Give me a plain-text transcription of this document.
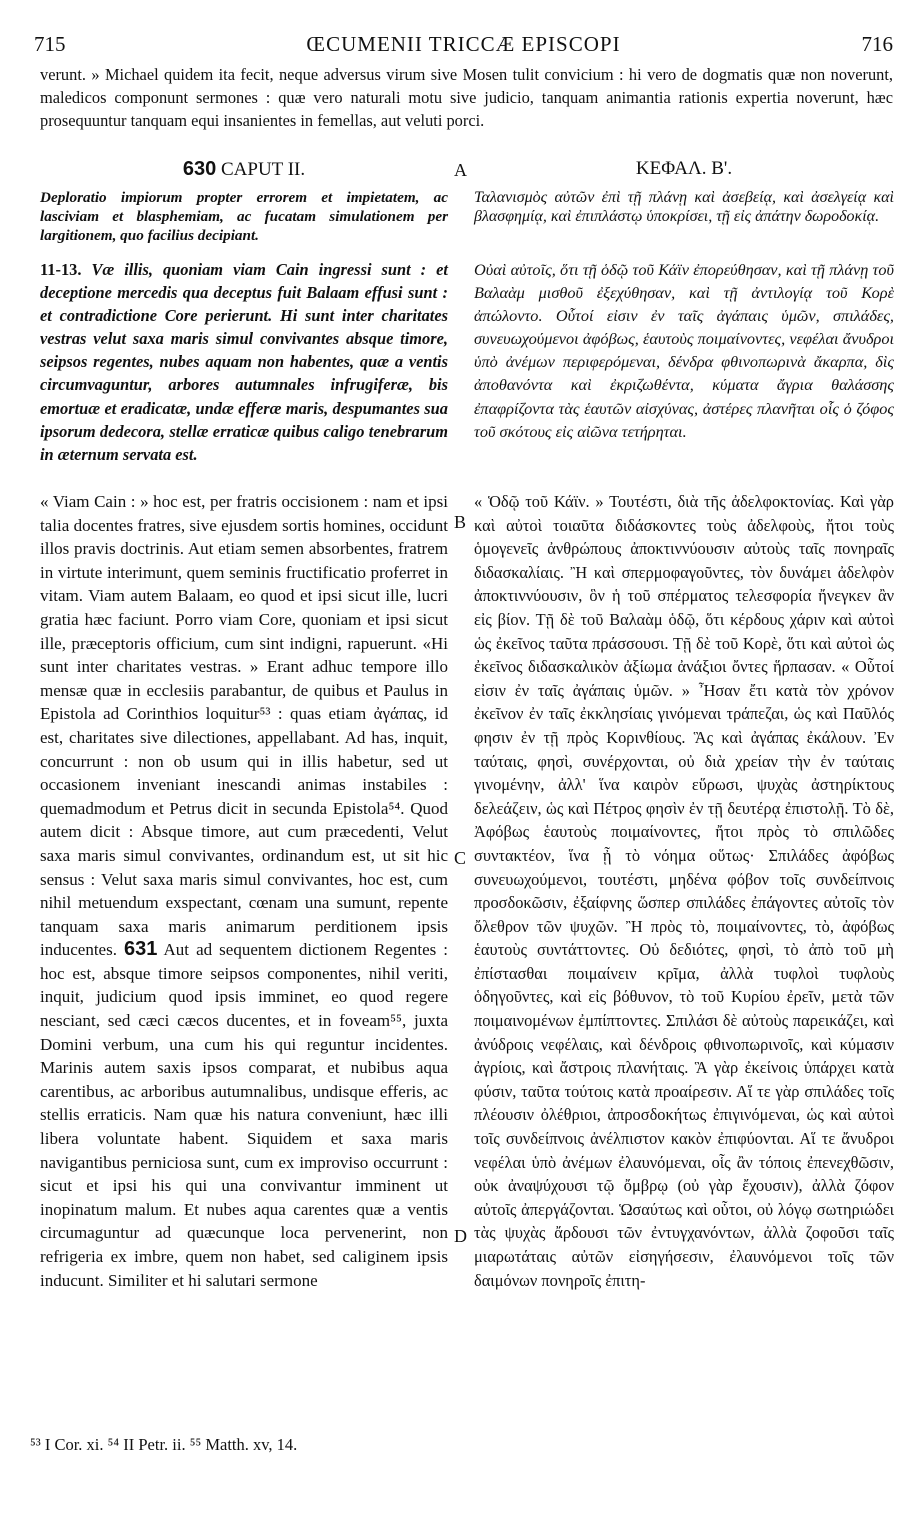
715	ŒCUMENII TRICCÆ EPISCOPI	716
verunt. » Michael quidem ita fecit, neque adversus virum sive Mosen tulit convicium : hi vero de dogmatis quæ non noverunt, maledicos componunt sermones : quæ vero naturali motu sive judicio, tanquam animantia rationis expertia noverunt, hæc prosequuntur tanquam equi insanientes in femellas, aut veluti porci.
630 CAPUT II.	A	ΚΕΦΑΛ. Β'.
Deploratio impiorum propter errorem et impietatem, ac lasciviam et blasphemiam, ac fucatam simulationem per largitionem, quo facilius decipiant.
Ταλανισμὸς αὐτῶν ἐπὶ τῇ πλάνῃ καὶ ἀσεβείᾳ, καὶ ἀσελγείᾳ καὶ βλασφημίᾳ, καὶ ἐπιπλάστῳ ὑποκρίσει, τῇ εἰς ἀπάτην δωροδοκίᾳ.
11-13. Væ illis, quoniam viam Cain ingressi sunt : et deceptione mercedis qua deceptus fuit Balaam effusi sunt : et contradictione Core perierunt. Hi sunt inter charitates vestras velut saxa maris simul convivantes absque timore, seipsos regentes, nubes aquam non habentes, quæ a ventis circumvaguntur, arbores autumnales infrugiferæ, bis emortuæ et eradicatæ, undæ efferæ maris, despumantes sua ipsorum dedecora, stellæ erraticæ quibus caligo tenebrarum in æternum servata est.
Οὐαὶ αὐτοῖς, ὅτι τῇ ὁδῷ τοῦ Κάϊν ἐπορεύθησαν, καὶ τῇ πλάνῃ τοῦ Βαλαὰμ μισθοῦ ἐξεχύθησαν, καὶ τῇ ἀντιλογίᾳ τοῦ Κορὲ ἀπώλοντο. Οὗτοί εἰσιν ἐν ταῖς ἀγάπαις ὑμῶν, σπιλάδες, συνευωχούμενοι ἀφόβως, ἑαυτοὺς ποιμαίνοντες, νεφέλαι ἄνυδροι ὑπὸ ἀνέμων περιφερόμεναι, δένδρα φθινοπωρινὰ ἄκαρπα, δὶς ἀποθανόντα καὶ ἐκριζωθέντα, κύματα ἄγρια θαλάσσης ἐπαφρίζοντα τὰς ἑαυτῶν αἰσχύνας, ἀστέρες πλανῆται οἷς ὁ ζόφος τοῦ σκότους εἰς αἰῶνα τετήρηται.
« Viam Cain : » hoc est, per fratris occisionem : nam et ipsi talia docentes fratres, sive ejusdem sortis homines, occidunt illos pravis doctrinis. Aut etiam semen absorbentes, fratrem in virtute interimunt, quem seminis fructificatio proferret in vitam. Viam autem Balaam, eo quod et ipsi sicut ille, lucri gratia hæc faciunt. Porro viam Core, quoniam et ipsi sicut ille, præceptoris officium, cum sint indigni, rapuerunt. «Hi sunt inter charitates vestras. » Erant adhuc tempore illo mensæ quæ in ecclesiis parabantur, de quibus et Paulus in Epistola ad Corinthios loquitur⁵³ : quas etiam ἀγάπας, id est, charitates sive dilectiones, appellabant. Ad has, inquit, concurrunt : non ob usum qui in illis habetur, sed ut occasionem inveniant inescandi animas instabiles : quemadmodum et Petrus dicit in secunda Epistola⁵⁴. Quod autem dicit : Absque timore, aut cum præcedenti, Velut saxa maris simul convivantes, ordinandum est, ut sit hic sensus : Velut saxa maris simul convivantes, hoc est, cum nihil metuendum exspectant, cœnam una sumunt, repente tanquam saxa maris animarum perditionem ipsis inducentes. 631 Aut ad sequentem dictionem Regentes : hoc est, absque timore seipsos componentes, nihil veriti, inquit, judicium quod ipsis imminet, eo quod regere nesciant, sed cæci cæcos ducentes, et in foveam⁵⁵, juxta Domini verbum, una cum his qui reguntur incidentes. Marinis autem saxis ipsos comparat, et nubibus aqua carentibus, ac arboribus autumnalibus, undisque efferis, ac stellis erraticis. Nam quæ his natura conveniunt, hæc illi libera voluntate habent. Siquidem et saxa maris navigantibus perniciosa sunt, cum ex improviso occurrunt : sicut et ipsi his qui una convivantur imminent ut inopinatum malum. Et nubes aqua carentes quæ a ventis circumaguntur ad quæcunque loca pervenerint, non refrigeria ex imbre, quem non habet, sed caliginem ipsis inducunt. Similiter et hi salutari sermone
B
C
D
« Ὁδῷ τοῦ Κάϊν. » Τουτέστι, διὰ τῆς ἀδελφοκτονίας. Καὶ γὰρ καὶ αὐτοὶ τοιαῦτα διδάσκοντες τοὺς ἀδελφοὺς, ἤτοι τοὺς ὁμογενεῖς ἀνθρώπους ἀποκτιννύουσιν αὐτοὺς ταῖς πονηραῖς διδασκαλίαις. Ἢ καὶ σπερμοφαγοῦντες, τὸν δυνάμει ἀδελφὸν ἀποκτιννύουσιν, ὃν ἡ τοῦ σπέρματος τελεσφορία ἤνεγκεν ἂν εἰς βίον. Τῇ δὲ τοῦ Βαλαὰμ ὁδῷ, ὅτι κέρδους χάριν καὶ αὐτοὶ ὡς ἐκεῖνος ταῦτα πράσσουσι. Τῇ δὲ τοῦ Κορὲ, ὅτι καὶ αὐτοὶ ὡς ἐκεῖνος διδασκαλικὸν ἀξίωμα ἀνάξιοι ὄντες ἥρπασαν. « Οὗτοί εἰσιν ἐν ταῖς ἀγάπαις ὑμῶν. » Ἦσαν ἔτι κατὰ τὸν χρόνον ἐκεῖνον ἐν ταῖς ἐκκλησίαις γινόμεναι τράπεζαι, ὡς καὶ Παῦλός φησιν ἐν τῇ πρὸς Κορινθίους. Ἃς καὶ ἀγάπας ἐκάλουν. Ἐν ταύταις, φησὶ, συνέρχονται, οὐ διὰ χρείαν τὴν ἐν ταύταις γινομένην, ἀλλ' ἵνα καιρὸν εὕρωσι, ψυχὰς ἀστηρίκτους δελεάζειν, ὡς καὶ Πέτρος φησὶν ἐν τῇ δευτέρᾳ ἐπιστολῇ. Τὸ δὲ, Ἀφόβως ἑαυτοὺς ποιμαίνοντες, ἤτοι πρὸς τὸ σπιλῶδες συντακτέον, ἵνα ᾖ τὸ νόημα οὕτως· Σπιλάδες ἀφόβως συνευωχούμενοι, τουτέστι, μηδένα φόβον τοῖς συνδείπνοις προσδοκῶσιν, ἐξαίφνης ὥσπερ σπιλάδες ἐπάγοντες αὐτοῖς τὸν ὄλεθρον τῶν ψυχῶν. Ἢ πρὸς τὸ, ποιμαίνοντες, τὸ, ἀφόβως ἑαυτοὺς συντάττοντες. Οὐ δεδιότες, φησὶ, τὸ ἀπὸ τοῦ μὴ ἐπίστασθαι ποιμαίνειν κρῖμα, ἀλλὰ τυφλοὶ τυφλοὺς ὁδηγοῦντες, καὶ εἰς βόθυνον, τὸ τοῦ Κυρίου ἐρεῖν, μετὰ τῶν ποιμαινομένων ἐμπίπτοντες. Σπιλάσι δὲ αὐτοὺς παρεικάζει, καὶ ἀνύδροις νεφέλαις, καὶ δένδροις φθινοπωρινοῖς, καὶ κύμασιν ἀγρίοις, καὶ ἄστροις πλανήταις. Ἃ γὰρ ἐκείνοις ὑπάρχει κατὰ φύσιν, ταῦτα τούτοις κατὰ προαίρεσιν. Αἵ τε γὰρ σπιλάδες τοῖς πλέουσιν ὀλέθριοι, ἀπροσδοκήτως ἐπιγινόμεναι, ὡς καὶ αὐτοὶ τοῖς συνδείπνοις ἀνέλπιστον κακὸν ἐπιφύονται. Αἵ τε ἄνυδροι νεφέλαι ὑπὸ ἀνέμων ἐλαυνόμεναι, οἷς ἂν τόποις ἐπενεχθῶσιν, οὐκ ἀναψύχουσι τῷ ὄμβρῳ (οὐ γὰρ ἔχουσιν), ἀλλὰ ζόφον αὐτοῖς ἀπεργάζονται. Ὡσαύτως καὶ οὗτοι, οὐ λόγῳ σωτηριώδει τὰς ψυχὰς ἄρδουσι τῶν ἐντυγχανόντων, ἀλλὰ ζοφοῦσι ταῖς μιαρωτάταις αὐτῶν εἰσηγήσεσιν, ἐλαυνόμενοι τοῖς τῶν δαιμόνων πονηροῖς ἐπιτη-
⁵³ I Cor. xi. ⁵⁴ II Petr. ii. ⁵⁵ Matth. xv, 14.
